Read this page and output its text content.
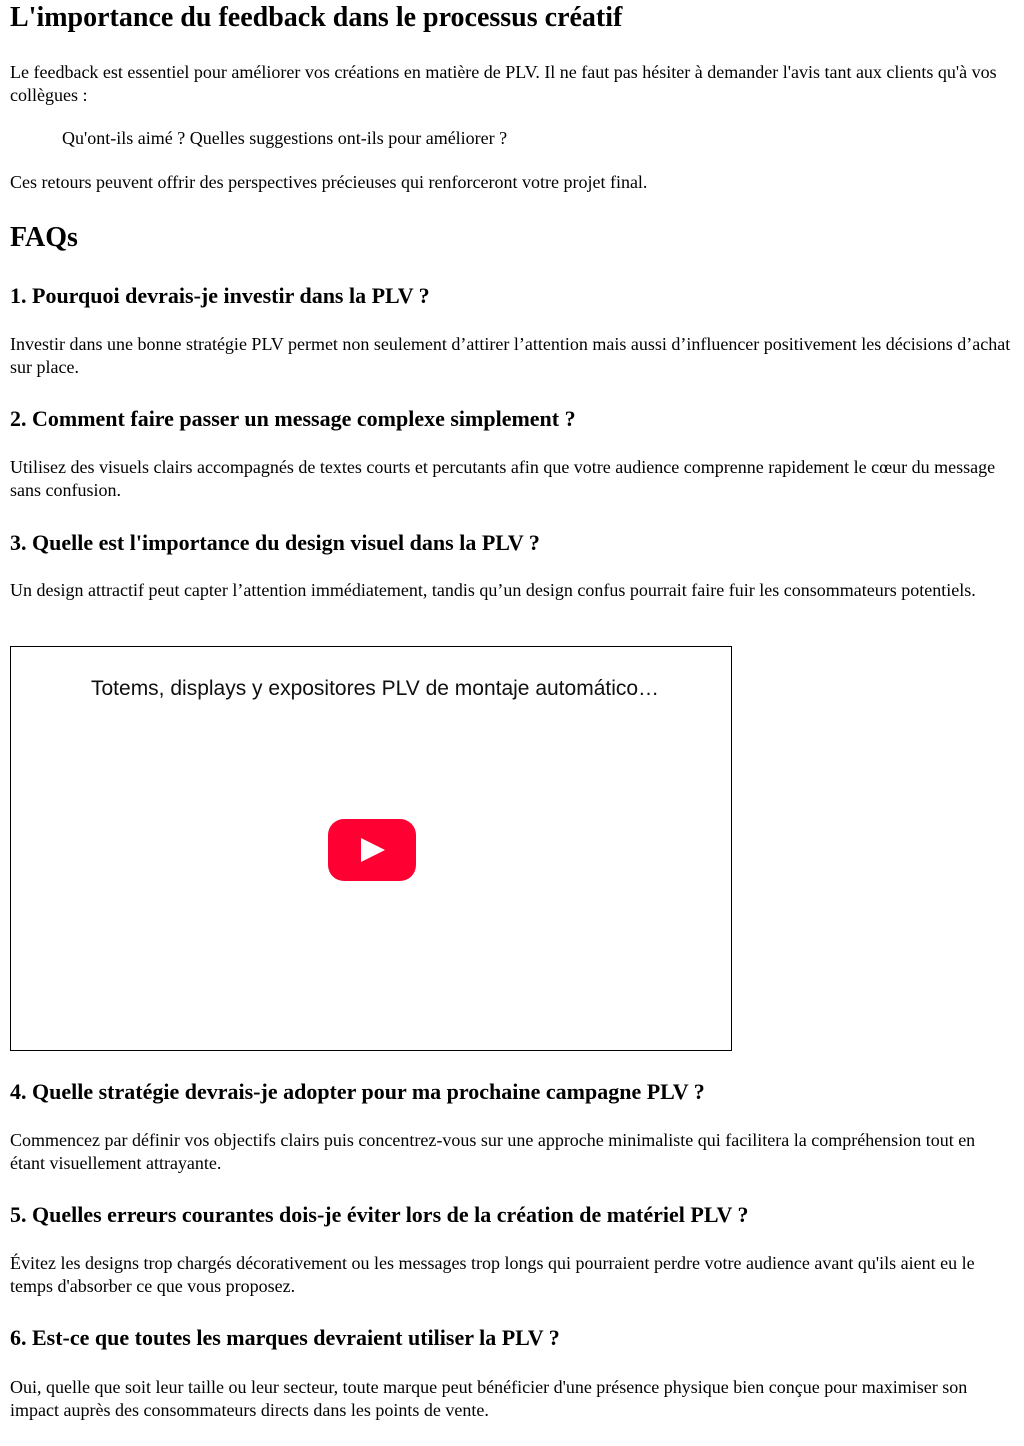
L'importance du feedback dans le processus créatif

Le feedback est essentiel pour améliorer vos créations en matière de PLV. Il ne faut pas hésiter à demander l'avis tant aux clients qu'à vos collègues :

Qu'ont-ils aimé ? Quelles suggestions ont-ils pour améliorer ?

Ces retours peuvent offrir des perspectives précieuses qui renforceront votre projet final.

FAQs
1. Pourquoi devrais-je investir dans la PLV ?

Investir dans une bonne stratégie PLV permet non seulement d’attirer l’attention mais aussi d’influencer positivement les décisions d’achat sur place.

2. Comment faire passer un message complexe simplement ?

Utilisez des visuels clairs accompagnés de textes courts et percutants afin que votre audience comprenne rapidement le cœur du message sans confusion.

3. Quelle est l'importance du design visuel dans la PLV ?

Un design attractif peut capter l’attention immédiatement, tandis qu’un design confus pourrait faire fuir les consommateurs potentiels.

Totems, displays y expositores PLV de montaje automático…
4. Quelle stratégie devrais-je adopter pour ma prochaine campagne PLV ?

Commencez par définir vos objectifs clairs puis concentrez-vous sur une approche minimaliste qui facilitera la compréhension tout en étant visuellement attrayante.

5. Quelles erreurs courantes dois-je éviter lors de la création de matériel PLV ?

Évitez les designs trop chargés décorativement ou les messages trop longs qui pourraient perdre votre audience avant qu'ils aient eu le temps d'absorber ce que vous proposez.

6. Est-ce que toutes les marques devraient utiliser la PLV ?

Oui, quelle que soit leur taille ou leur secteur, toute marque peut bénéficier d'une présence physique bien conçue pour maximiser son impact auprès des consommateurs directs dans les points de vente.
